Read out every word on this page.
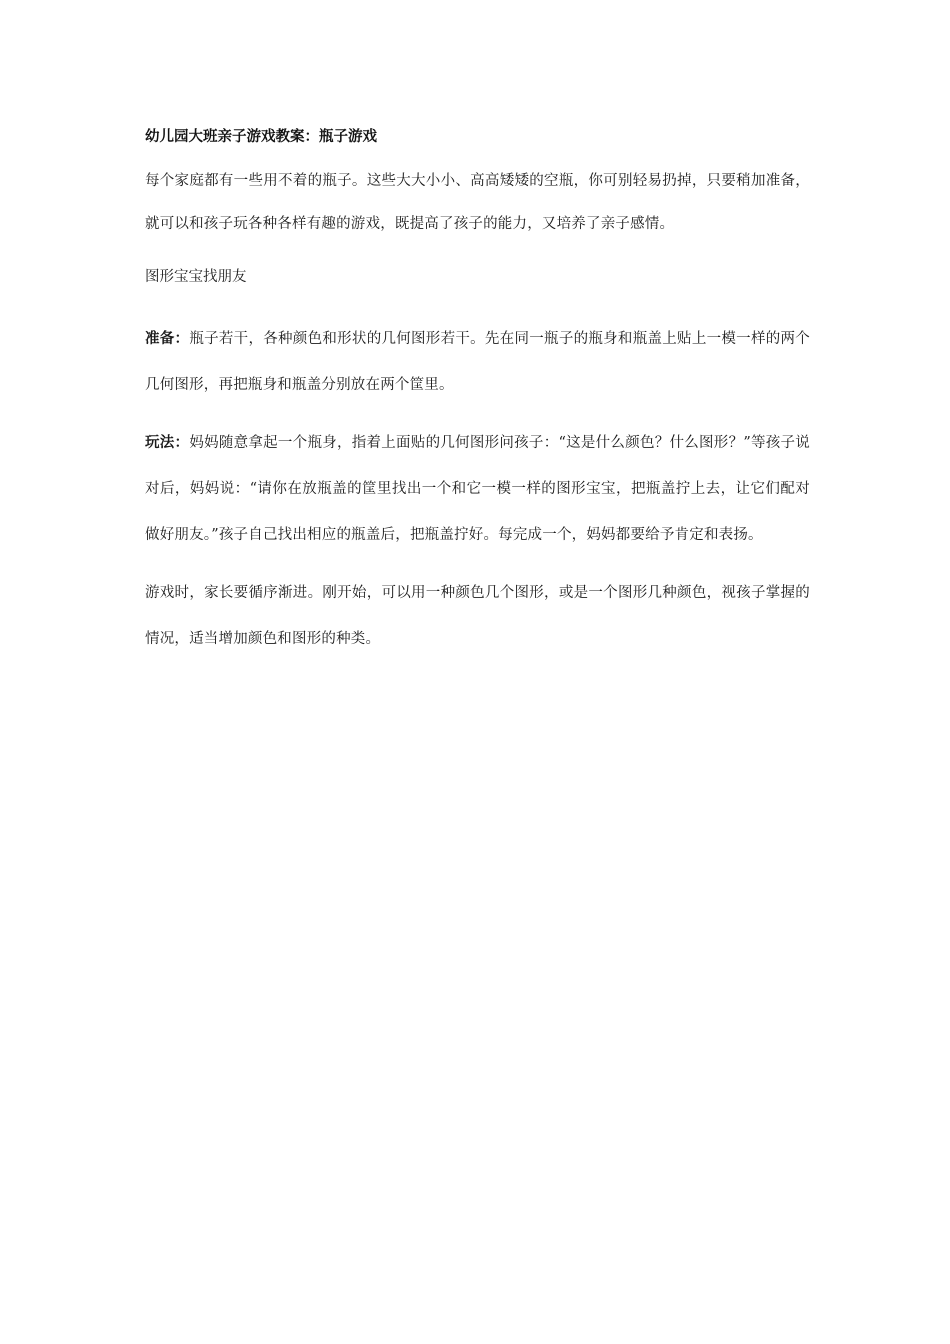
幼儿园大班亲子游戏教案：瓶子游戏

每个家庭都有一些用不着的瓶子。这些大大小小、高高矮矮的空瓶，你可别轻易扔掉，只要稍加准备，就可以和孩子玩各种各样有趣的游戏，既提高了孩子的能力，又培养了亲子感情。

图形宝宝找朋友

准备：瓶子若干，各种颜色和形状的几何图形若干。先在同一瓶子的瓶身和瓶盖上贴上一模一样的两个几何图形，再把瓶身和瓶盖分别放在两个筐里。

玩法：妈妈随意拿起一个瓶身，指着上面贴的几何图形问孩子：“这是什么颜色？什么图形？”等孩子说对后，妈妈说：“请你在放瓶盖的筐里找出一个和它一模一样的图形宝宝，把瓶盖拧上去，让它们配对做好朋友。”孩子自己找出相应的瓶盖后，把瓶盖拧好。每完成一个，妈妈都要给予肯定和表扬。

游戏时，家长要循序渐进。刚开始，可以用一种颜色几个图形，或是一个图形几种颜色，视孩子掌握的情况，适当增加颜色和图形的种类。
